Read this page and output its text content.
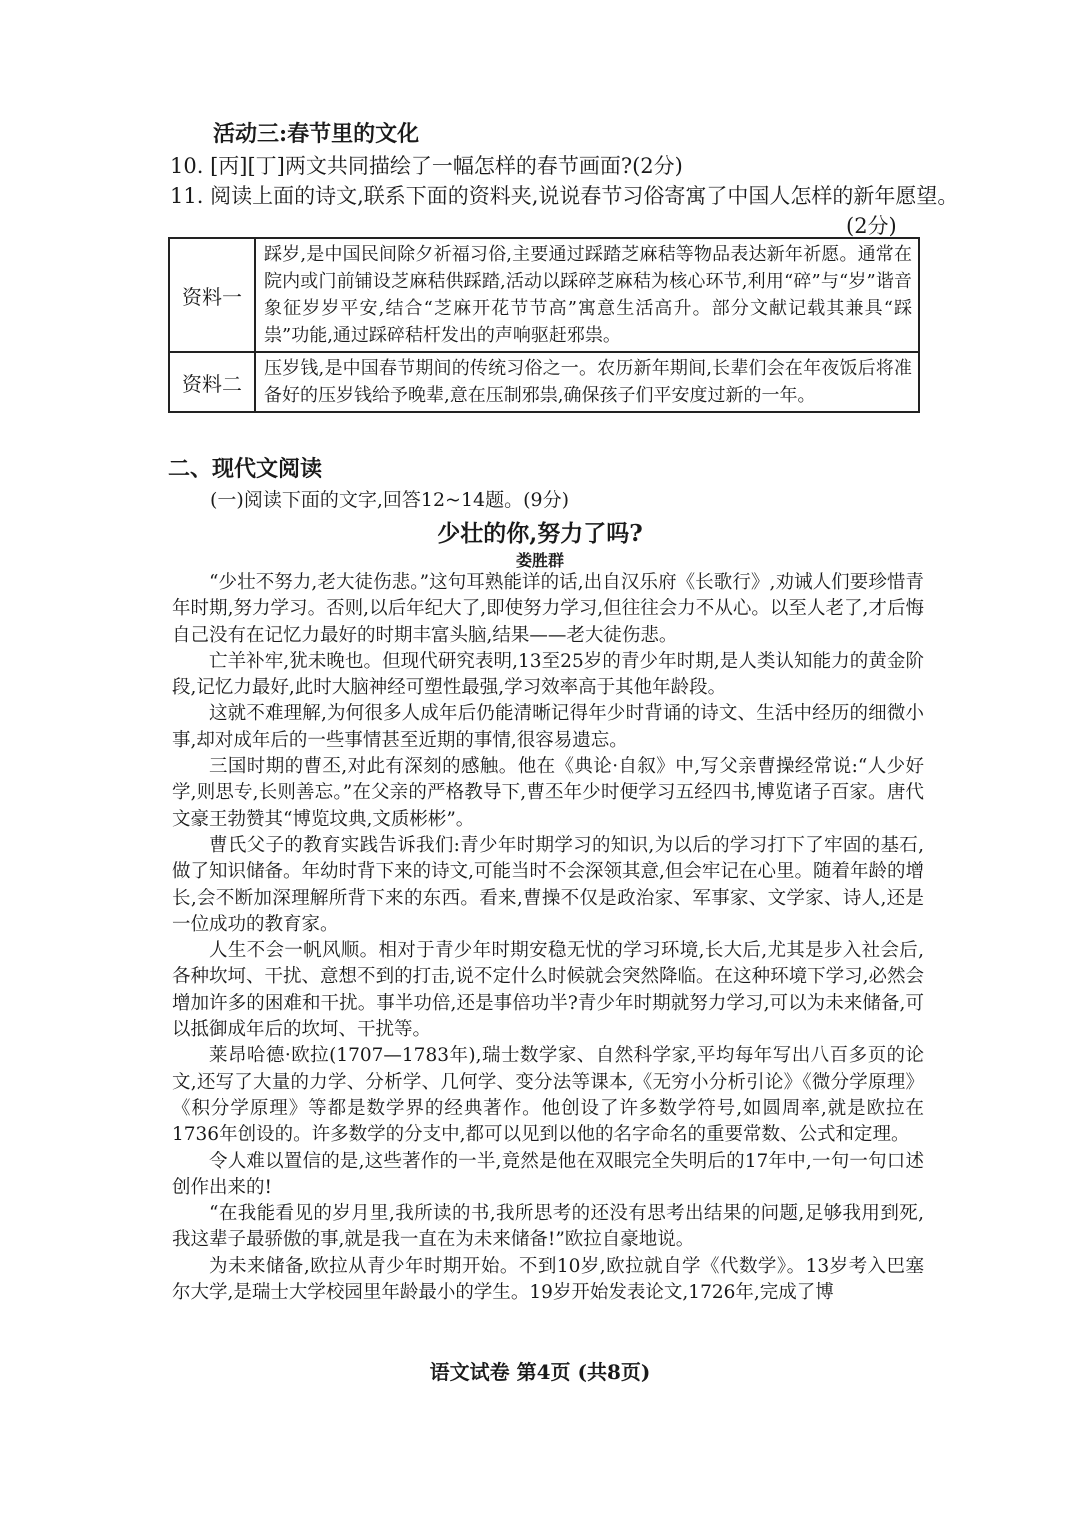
活动三:春节里的文化
10. [丙][丁]两文共同描绘了一幅怎样的春节画面?(2分)
11. 阅读上面的诗文,联系下面的资料夹,说说春节习俗寄寓了中国人怎样的新年愿望。
(2分)
资料一	踩岁,是中国民间除夕祈福习俗,主要通过踩踏芝麻秸等物品表达新年祈愿。通常在院内或门前铺设芝麻秸供踩踏,活动以踩碎芝麻秸为核心环节,利用“碎”与“岁”谐音象征岁岁平安,结合“芝麻开花节节高”寓意生活高升。部分文献记载其兼具“踩祟”功能,通过踩碎秸杆发出的声响驱赶邪祟。
资料二	压岁钱,是中国春节期间的传统习俗之一。农历新年期间,长辈们会在年夜饭后将准备好的压岁钱给予晚辈,意在压制邪祟,确保孩子们平安度过新的一年。
二、现代文阅读
(一)阅读下面的文字,回答12~14题。(9分)
少壮的你,努力了吗?
娄胜群

“少壮不努力,老大徒伤悲。”这句耳熟能详的话,出自汉乐府《长歌行》,劝诫人们要珍惜青年时期,努力学习。否则,以后年纪大了,即使努力学习,但往往会力不从心。以至人老了,才后悔自己没有在记忆力最好的时期丰富头脑,结果——老大徒伤悲。

亡羊补牢,犹未晚也。但现代研究表明,13至25岁的青少年时期,是人类认知能力的黄金阶段,记忆力最好,此时大脑神经可塑性最强,学习效率高于其他年龄段。

这就不难理解,为何很多人成年后仍能清晰记得年少时背诵的诗文、生活中经历的细微小事,却对成年后的一些事情甚至近期的事情,很容易遗忘。

三国时期的曹丕,对此有深刻的感触。他在《典论·自叙》中,写父亲曹操经常说:“人少好学,则思专,长则善忘。”在父亲的严格教导下,曹丕年少时便学习五经四书,博览诸子百家。唐代文豪王勃赞其“博览坟典,文质彬彬”。

曹氏父子的教育实践告诉我们:青少年时期学习的知识,为以后的学习打下了牢固的基石,做了知识储备。年幼时背下来的诗文,可能当时不会深领其意,但会牢记在心里。随着年龄的增长,会不断加深理解所背下来的东西。看来,曹操不仅是政治家、军事家、文学家、诗人,还是一位成功的教育家。

人生不会一帆风顺。相对于青少年时期安稳无忧的学习环境,长大后,尤其是步入社会后,各种坎坷、干扰、意想不到的打击,说不定什么时候就会突然降临。在这种环境下学习,必然会增加许多的困难和干扰。事半功倍,还是事倍功半?青少年时期就努力学习,可以为未来储备,可以抵御成年后的坎坷、干扰等。

莱昂哈德·欧拉(1707—1783年),瑞士数学家、自然科学家,平均每年写出八百多页的论文,还写了大量的力学、分析学、几何学、变分法等课本,《无穷小分析引论》《微分学原理》《积分学原理》等都是数学界的经典著作。他创设了许多数学符号,如圆周率,就是欧拉在1736年创设的。许多数学的分支中,都可以见到以他的名字命名的重要常数、公式和定理。

令人难以置信的是,这些著作的一半,竟然是他在双眼完全失明后的17年中,一句一句口述创作出来的!

“在我能看见的岁月里,我所读的书,我所思考的还没有思考出结果的问题,足够我用到死,我这辈子最骄傲的事,就是我一直在为未来储备!”欧拉自豪地说。

为未来储备,欧拉从青少年时期开始。不到10岁,欧拉就自学《代数学》。13岁考入巴塞尔大学,是瑞士大学校园里年龄最小的学生。19岁开始发表论文,1726年,完成了博

语文试卷 第4页 (共8页)
